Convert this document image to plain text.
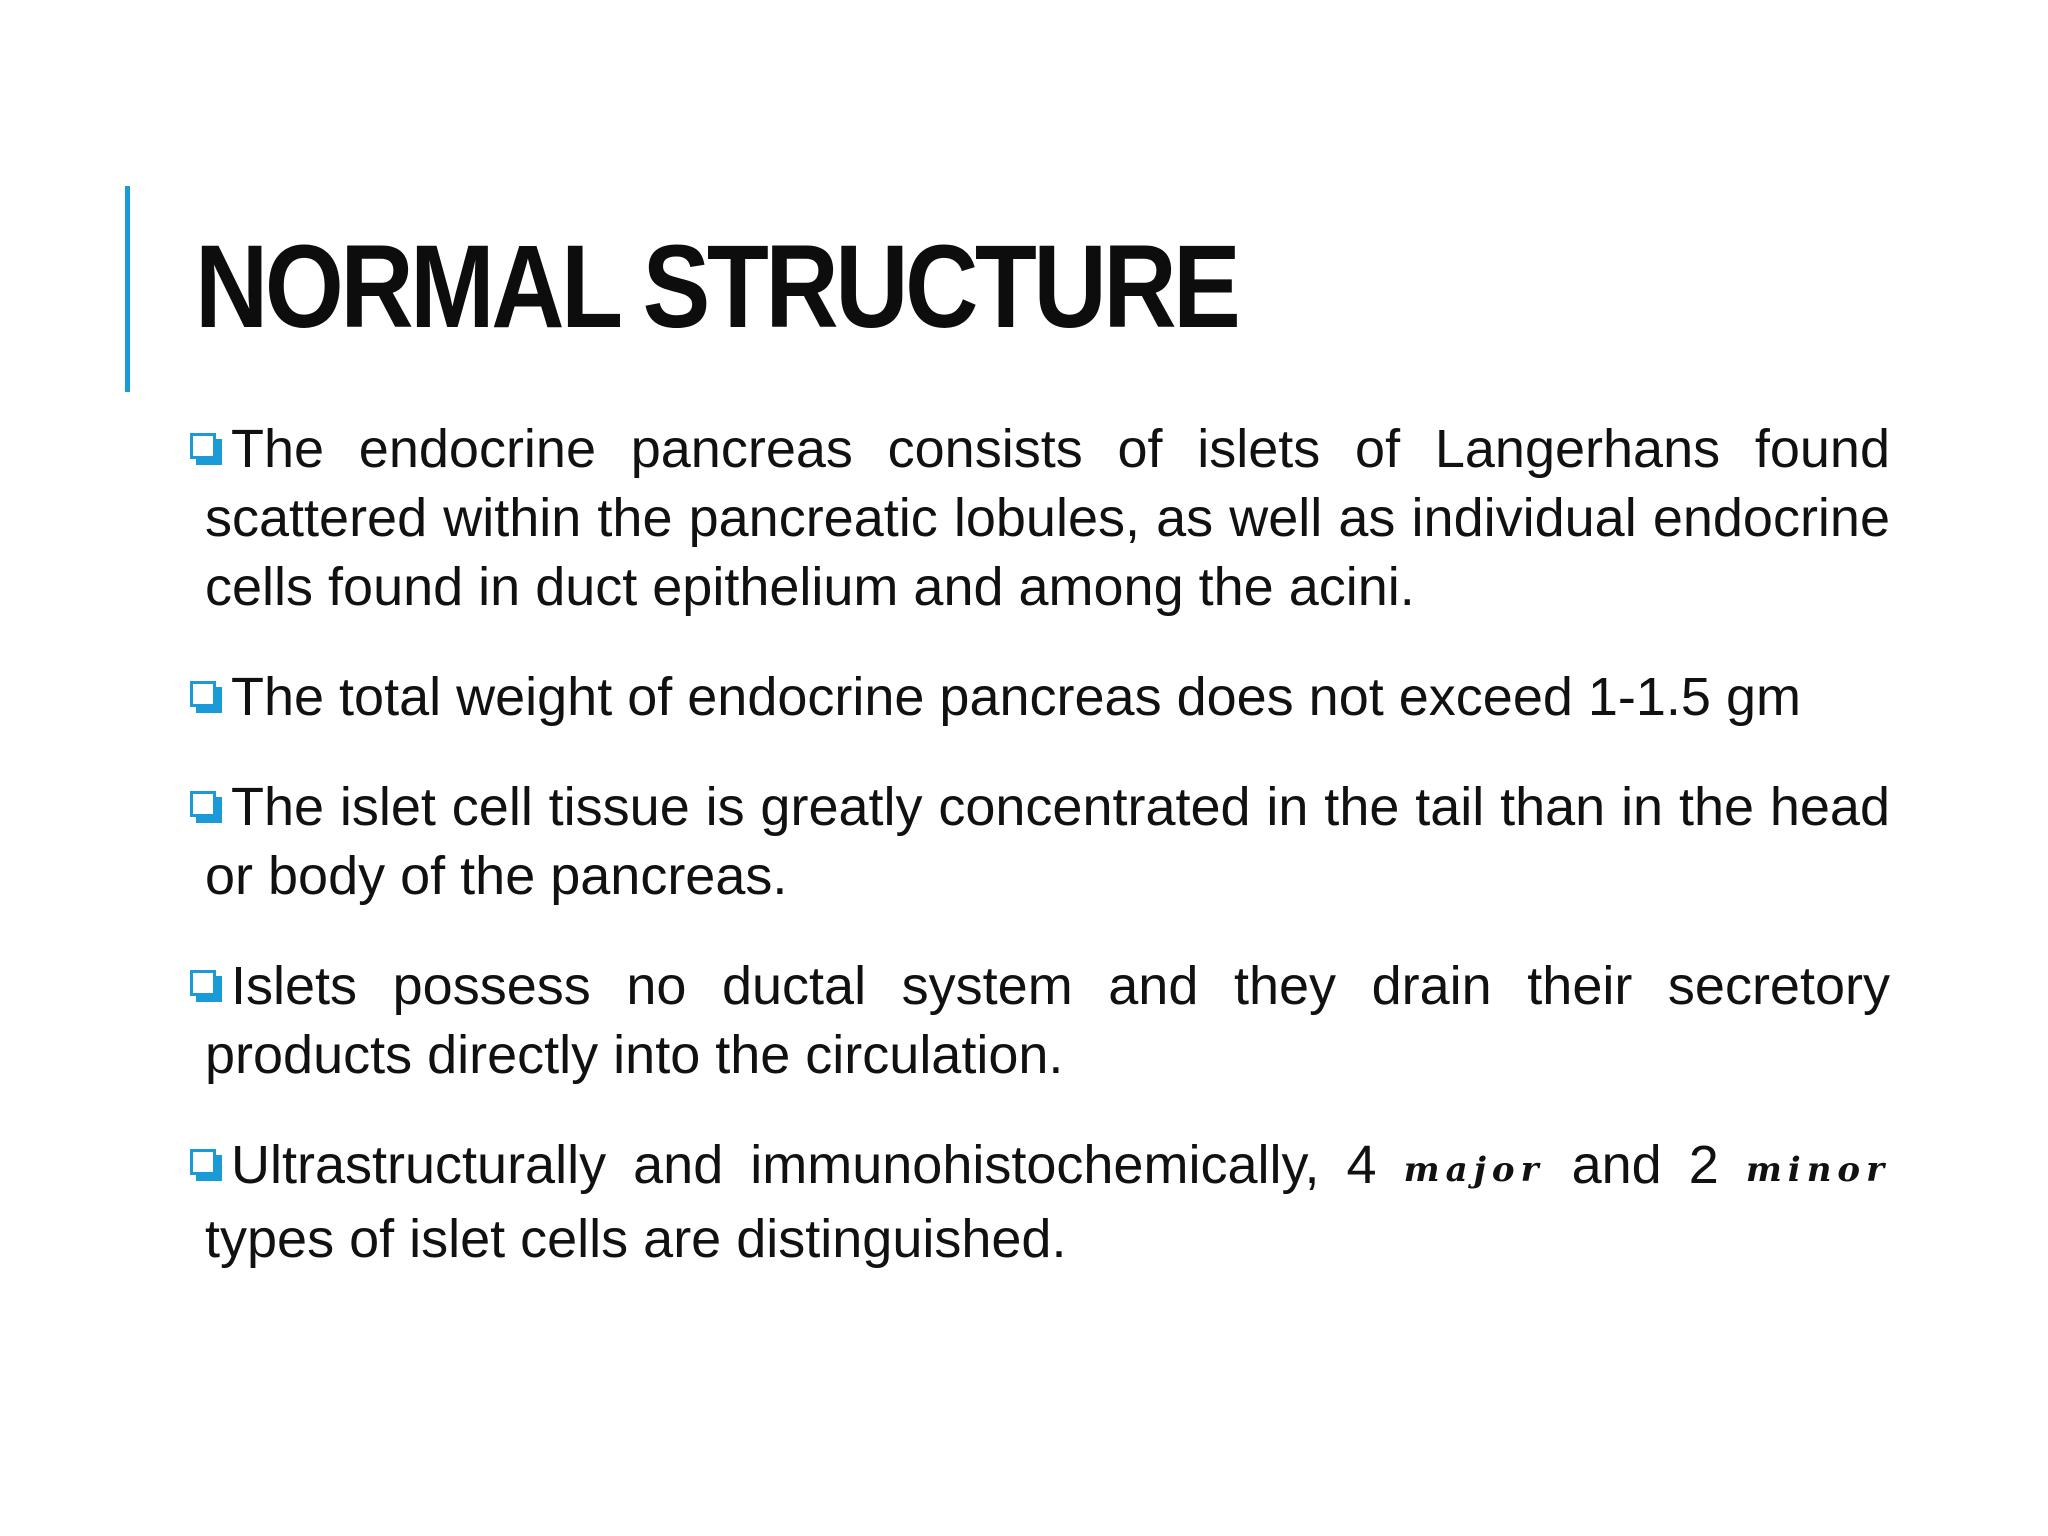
NORMAL STRUCTURE
The endocrine pancreas consists of islets of Langerhans found scattered within the pancreatic lobules, as well as individual endocrine cells found in duct epithelium and among the acini.
The total weight of endocrine pancreas does not exceed 1-1.5 gm
The islet cell tissue is greatly concentrated in the tail than in the head or body of the pancreas.
Islets possess no ductal system and they drain their secretory products directly into the circulation.
Ultrastructurally and immunohistochemically, 4 major and 2 minor types of islet cells are distinguished.
